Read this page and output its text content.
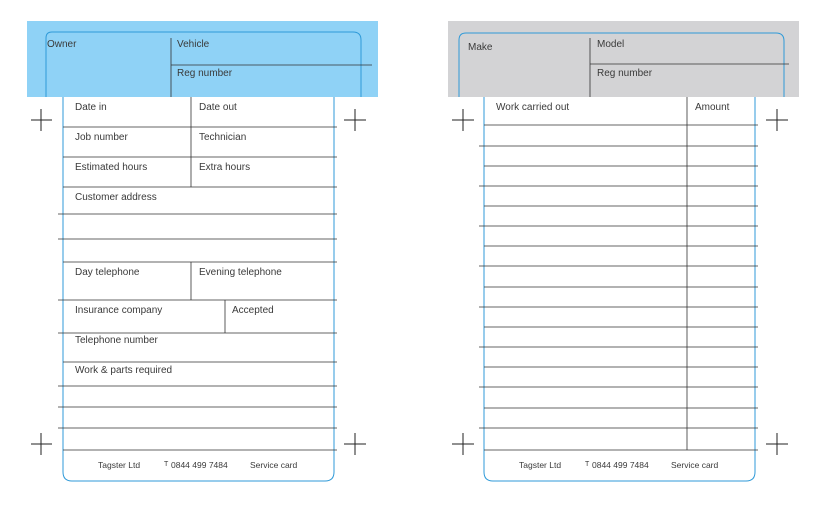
Owner	Vehicle
Reg number
Date in	Date out
Job number	Technician
Estimated hours	Extra hours
Customer address
Day telephone	Evening telephone
Insurance company	Accepted
Telephone number
Work & parts required
Tagster Ltd	T 0844 499 7484	Service card
Make	Model
Reg number
Work carried out	Amount
Tagster Ltd	T 0844 499 7484	Service card
